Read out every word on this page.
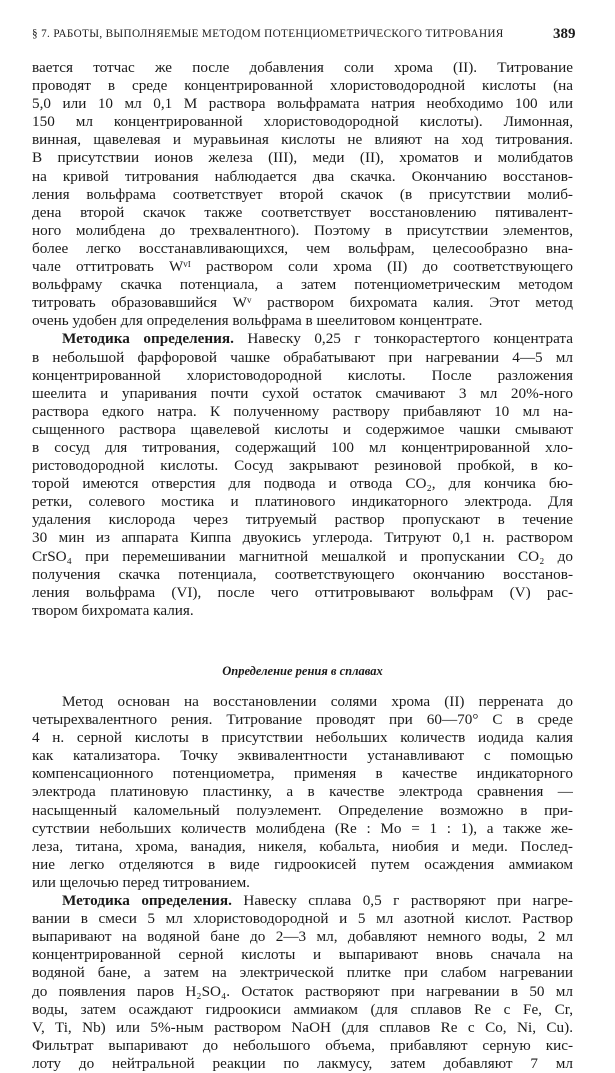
§ 7. РАБОТЫ, ВЫПОЛНЯЕМЫЕ МЕТОДОМ ПОТЕНЦИОМЕТРИЧЕСКОГО ТИТРОВАНИЯ	389
вается тотчас же после добавления соли хрома (II). Титрование
проводят в среде концентрированной хлористоводородной кислоты (на
5,0 или 10 мл 0,1 М раствора вольфрамата натрия необходимо 100 или
150 мл концентрированной хлористоводородной кислоты). Лимонная,
винная, щавелевая и муравьиная кислоты не влияют на ход титрования.
В присутствии ионов железа (III), меди (II), хроматов и молибдатов
на кривой титрования наблюдается два скачка. Окончанию восстанов-
ления вольфрама соответствует второй скачок (в присутствии молиб-
дена второй скачок также соответствует восстановлению пятивалент-
ного молибдена до трехвалентного). Поэтому в присутствии элементов,
более легко восстанавливающихся, чем вольфрам, целесообразно вна-
чале оттитровать Wᵛᴵ раствором соли хрома (II) до соответствующего
вольфраму скачка потенциала, а затем потенциометрическим методом
титровать образовавшийся Wᵛ раствором бихромата калия. Этот метод
очень удобен для определения вольфрама в шеелитовом концентрате.
Методика определения. Навеску 0,25 г тонкорастертого концентрата
в небольшой фарфоровой чашке обрабатывают при нагревании 4—5 мл
концентрированной хлористоводородной кислоты. После разложения
шеелита и упаривания почти сухой остаток смачивают 3 мл 20%-ного
раствора едкого натра. К полученному раствору прибавляют 10 мл на-
сыщенного раствора щавелевой кислоты и содержимое чашки смывают
в сосуд для титрования, содержащий 100 мл концентрированной хло-
ристоводородной кислоты. Сосуд закрывают резиновой пробкой, в ко-
торой имеются отверстия для подвода и отвода CO₂, для кончика бю-
ретки, солевого мостика и платинового индикаторного электрода. Для
удаления кислорода через титруемый раствор пропускают в течение
30 мин из аппарата Киппа двуокись углерода. Титруют 0,1 н. раствором
CrSO₄ при перемешивании магнитной мешалкой и пропускании CO₂ до
получения скачка потенциала, соответствующего окончанию восстанов-
ления вольфрама (VI), после чего оттитровывают вольфрам (V) рас-
твором бихромата калия.
Определение рения в сплавах
Метод основан на восстановлении солями хрома (II) перрената до
четырехвалентного рения. Титрование проводят при 60—70° С в среде
4 н. серной кислоты в присутствии небольших количеств иодида калия
как катализатора. Точку эквивалентности устанавливают с помощью
компенсационного потенциометра, применяя в качестве индикаторного
электрода платиновую пластинку, а в качестве электрода сравнения —
насыщенный каломельный полуэлемент. Определение возможно в при-
сутствии небольших количеств молибдена (Re : Mo = 1 : 1), а также же-
леза, титана, хрома, ванадия, никеля, кобальта, ниобия и меди. Послед-
ние легко отделяются в виде гидроокисей путем осаждения аммиаком
или щелочью перед титрованием.
Методика определения. Навеску сплава 0,5 г растворяют при нагре-
вании в смеси 5 мл хлористоводородной и 5 мл азотной кислот. Раствор
выпаривают на водяной бане до 2—3 мл, добавляют немного воды, 2 мл
концентрированной серной кислоты и выпаривают вновь сначала на
водяной бане, а затем на электрической плитке при слабом нагревании
до появления паров H₂SO₄. Остаток растворяют при нагревании в 50 мл
воды, затем осаждают гидроокиси аммиаком (для сплавов Re с Fe, Cr,
V, Ti, Nb) или 5%-ным раствором NaOH (для сплавов Re с Co, Ni, Cu).
Фильтрат выпаривают до небольшого объема, прибавляют серную кис-
лоту до нейтральной реакции по лакмусу, затем добавляют 7 мл
